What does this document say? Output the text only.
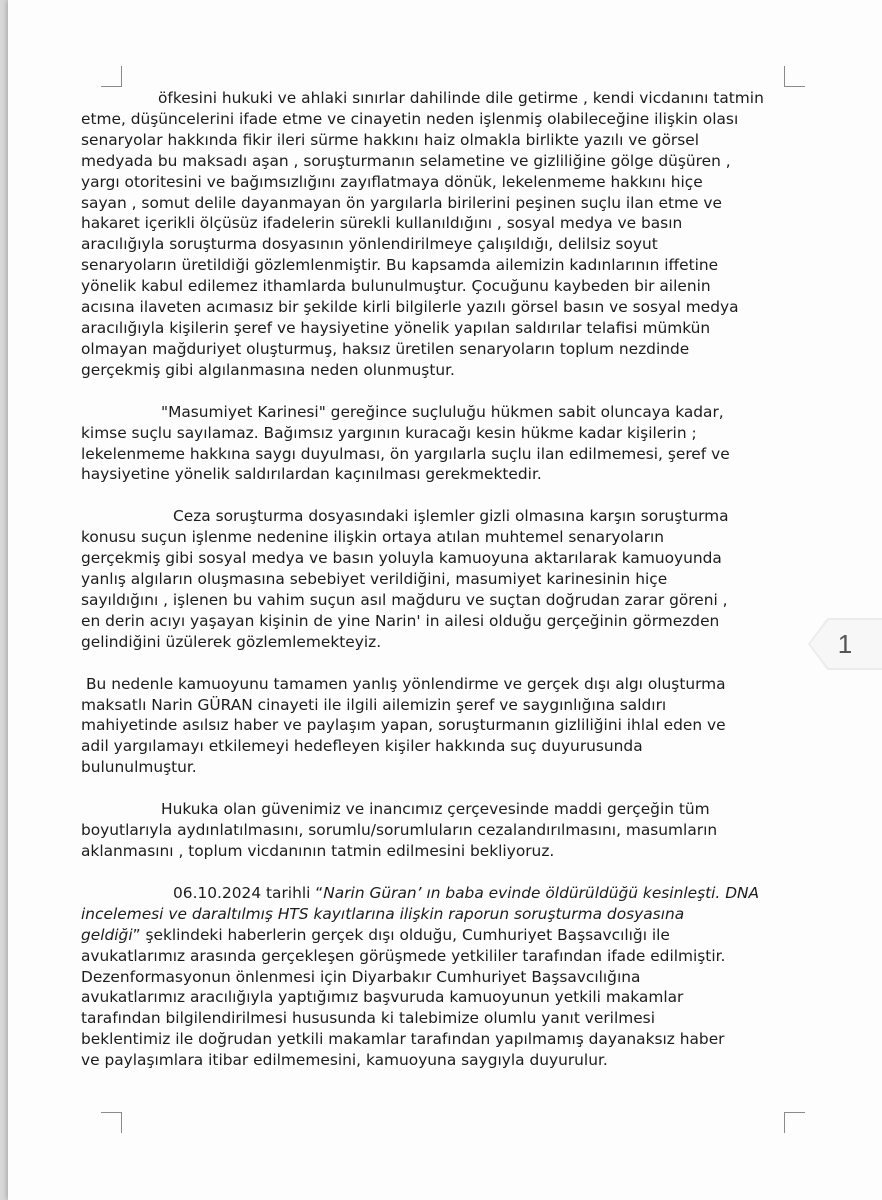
öfkesini hukuki ve ahlaki sınırlar dahilinde dile getirme , kendi vicdanını tatmin

etme, düşüncelerini ifade etme ve cinayetin neden işlenmiş olabileceğine ilişkin olası

senaryolar hakkında fikir ileri sürme hakkını haiz olmakla birlikte yazılı ve görsel

medyada bu maksadı aşan , soruşturmanın selametine ve gizliliğine gölge düşüren ,

yargı otoritesini ve bağımsızlığını zayıflatmaya dönük, lekelenmeme hakkını hiçe

sayan , somut delile dayanmayan ön yargılarla birilerini peşinen suçlu ilan etme ve

hakaret içerikli ölçüsüz ifadelerin sürekli kullanıldığını , sosyal medya ve basın

aracılığıyla soruşturma dosyasının yönlendirilmeye çalışıldığı, delilsiz soyut

senaryoların üretildiği gözlemlenmiştir. Bu kapsamda ailemizin kadınlarının iffetine

yönelik kabul edilemez ithamlarda bulunulmuştur. Çocuğunu kaybeden bir ailenin

acısına ilaveten acımasız bir şekilde kirli bilgilerle yazılı görsel basın ve sosyal medya

aracılığıyla kişilerin şeref ve haysiyetine yönelik yapılan saldırılar telafisi mümkün

olmayan mağduriyet oluşturmuş, haksız üretilen senaryoların toplum nezdinde

gerçekmiş gibi algılanmasına neden olunmuştur.

"Masumiyet Karinesi" gereğince suçluluğu hükmen sabit oluncaya kadar,

kimse suçlu sayılamaz. Bağımsız yargının kuracağı kesin hükme kadar kişilerin ;

lekelenmeme hakkına saygı duyulması, ön yargılarla suçlu ilan edilmemesi, şeref ve

haysiyetine yönelik saldırılardan kaçınılması gerekmektedir.

Ceza soruşturma dosyasındaki işlemler gizli olmasına karşın soruşturma

konusu suçun işlenme nedenine ilişkin ortaya atılan muhtemel senaryoların

gerçekmiş gibi sosyal medya ve basın yoluyla kamuoyuna aktarılarak kamuoyunda

yanlış algıların oluşmasına sebebiyet verildiğini, masumiyet karinesinin hiçe

sayıldığını , işlenen bu vahim suçun asıl mağduru ve suçtan doğrudan zarar göreni ,

en derin acıyı yaşayan kişinin de yine Narin' in ailesi olduğu gerçeğinin görmezden

gelindiğini üzülerek gözlemlemekteyiz.

Bu nedenle kamuoyunu tamamen yanlış yönlendirme ve gerçek dışı algı oluşturma

maksatlı Narin GÜRAN cinayeti ile ilgili ailemizin şeref ve saygınlığına saldırı

mahiyetinde asılsız haber ve paylaşım yapan, soruşturmanın gizliliğini ihlal eden ve

adil yargılamayı etkilemeyi hedefleyen kişiler hakkında suç duyurusunda

bulunulmuştur.

Hukuka olan güvenimiz ve inancımız çerçevesinde maddi gerçeğin tüm

boyutlarıyla aydınlatılmasını, sorumlu/sorumluların cezalandırılmasını, masumların

aklanmasını , toplum vicdanının tatmin edilmesini bekliyoruz.

06.10.2024 tarihli “Narin Güran’ ın baba evinde öldürüldüğü kesinleşti. DNA

incelemesi ve daraltılmış HTS kayıtlarına ilişkin raporun soruşturma dosyasına

geldiği” şeklindeki haberlerin gerçek dışı olduğu, Cumhuriyet Başsavcılığı ile

avukatlarımız arasında gerçekleşen görüşmede yetkililer tarafından ifade edilmiştir.

Dezenformasyonun önlenmesi için Diyarbakır Cumhuriyet Başsavcılığına

avukatlarımız aracılığıyla yaptığımız başvuruda kamuoyunun yetkili makamlar

tarafından bilgilendirilmesi hususunda ki talebimize olumlu yanıt verilmesi

beklentimiz ile doğrudan yetkili makamlar tarafından yapılmamış dayanaksız haber

ve paylaşımlara itibar edilmemesini, kamuoyuna saygıyla duyurulur.

1
